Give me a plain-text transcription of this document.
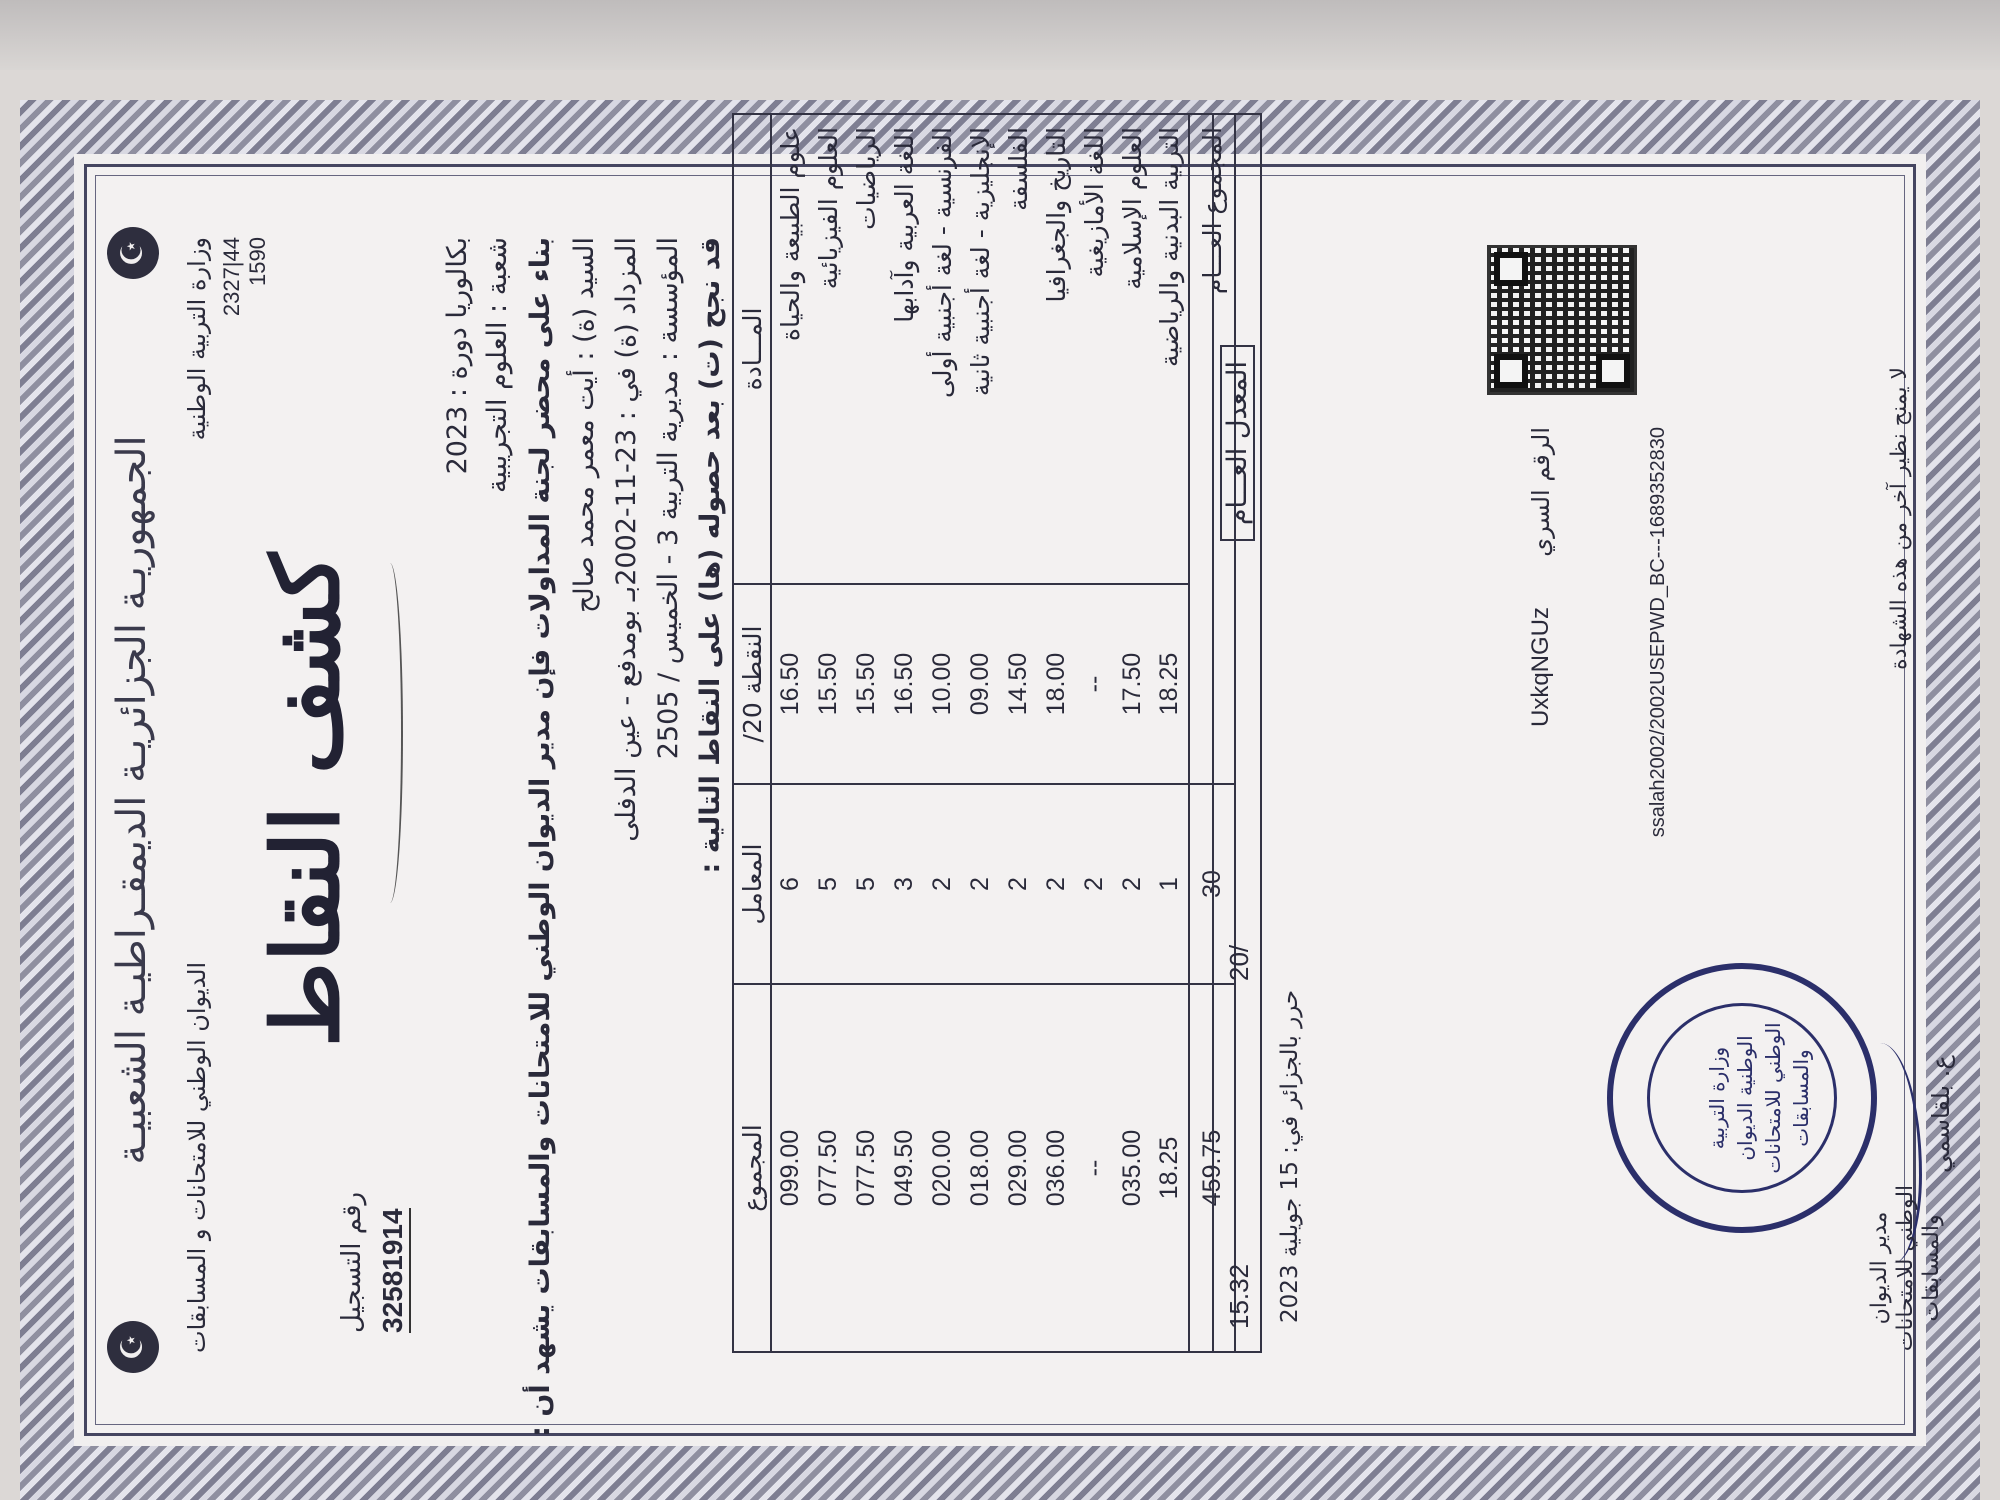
☪
☪
الجمهوريـة الجزائريـة الديمقـراطيـة الشعبيـة
وزارة التربية الوطنية 2327|44 1590
الديوان الوطني للامتحانات و المسابقات
كشف النقاط
رقم التسجيل 32581914
بكالوريا دورة : 2023 شعبة : العلوم التجريبية بناء على محضر لجنة المداولات فإن مدير الديوان الوطني للامتحانات والمسابقات يشهد أن : السيد (ة) : أيت معمر محمد صالح
المزداد (ة) في : 23-11-2002بـ بومدفع - عين الدفلى
المؤسسة : مديرية التربية 3 - الخميس / 2505 قد نجح (ت) بعد حصوله (ها) على النقاط التالية : المـــادة	النقطة 20/	المعامل	المجموع
علوم الطبيعة والحياة	16.50	6	099.00
العلوم الفيزيائية	15.50	5	077.50
الرياضيات	15.50	5	077.50
اللغة العربية وآدابها	16.50	3	049.50
الفرنسية - لغة أجنبية أولى	10.00	2	020.00
الإنجليزية - لغة أجنبية ثانية	09.00	2	018.00
الفلسفة	14.50	2	029.00
التاريخ والجغرافيا	18.00	2	036.00
اللغة الأمازيغية	--	2	--
العلوم الإسلامية	17.50	2	035.00
التربية البدنية والرياضية	18.25	1	18.25
المجموع العـــام		30	459.75
15.32
20/
المعدل العـــام
حرر بالجزائر في: 15 جويلية 2023
الرقم السري
UxkqNGUz	ssalah2002/2002USEPWD_BC---1689352830
وزارة التربية الوطنية الديوان الوطني للامتحانات والمسابقات
مدير الديوان الوطني للامتحانات والمسابقات
ع. بلقاسمي
لا يمنح نظير آخر من هذه الشهادة
